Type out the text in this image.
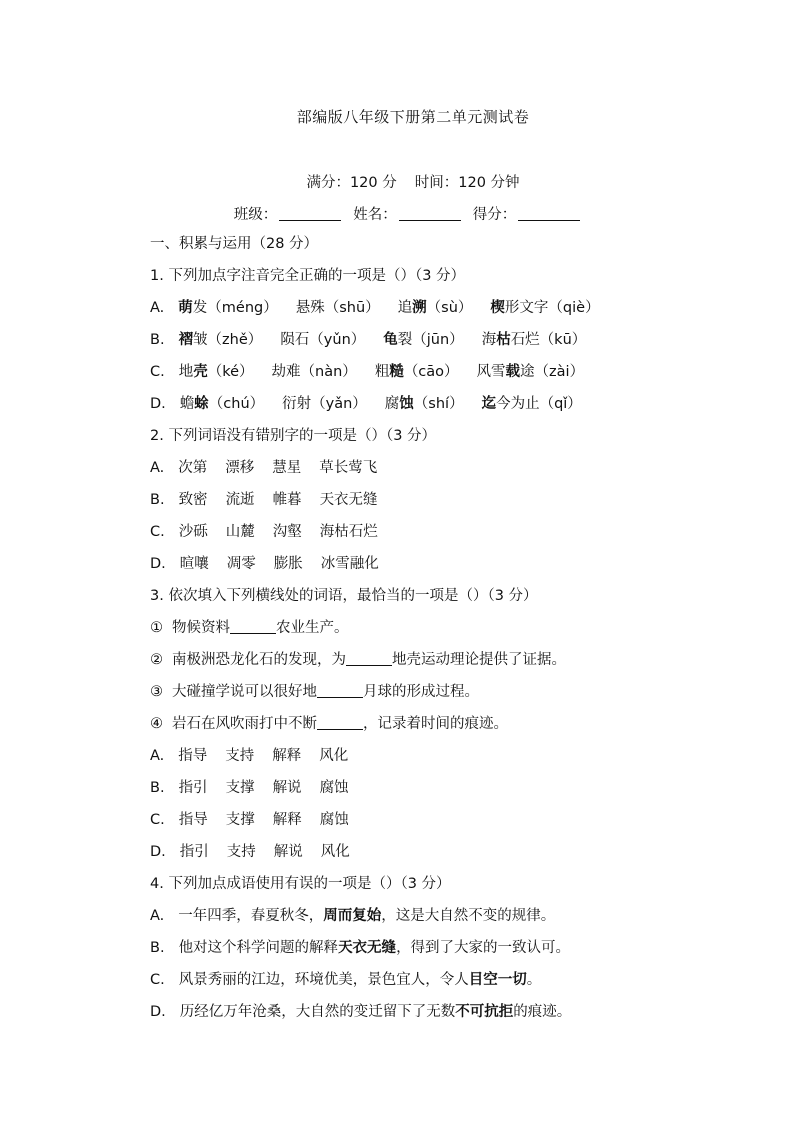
部编版八年级下册第二单元测试卷
满分：120 分 时间：120 分钟
班级：	姓名：	得分：
一、积累与运用（28 分）
1. 下列加点字注音完全正确的一项是（）（3 分）
A. 萌发（méng） 悬殊（shū） 追溯（sù） 楔形文字（qiè）
B. 褶皱（zhě） 陨石（yǔn） 龟裂（jūn） 海枯石烂（kū）
C. 地壳（ké） 劫难（nàn） 粗糙（cāo） 风雪载途（zài）
D. 蟾蜍（chú） 衍射（yǎn） 腐蚀（shí） 迄今为止（qǐ）
2. 下列词语没有错别字的一项是（）（3 分）
A. 次第 漂移 慧星 草长莺飞
B. 致密 流逝 帷暮 天衣无缝
C. 沙砾 山麓 沟壑 海枯石烂
D. 暄嚷 凋零 膨胀 冰雪融化
3. 依次填入下列横线处的词语，最恰当的一项是（）（3 分）
① 物候资料	农业生产。
② 南极洲恐龙化石的发现，为	地壳运动理论提供了证据。
③ 大碰撞学说可以很好地	月球的形成过程。
④ 岩石在风吹雨打中不断	，记录着时间的痕迹。
A. 指导 支持 解释 风化
B. 指引 支撑 解说 腐蚀
C. 指导 支撑 解释 腐蚀
D. 指引 支持 解说 风化
4. 下列加点成语使用有误的一项是（）（3 分）
A. 一年四季，春夏秋冬，周而复始，这是大自然不变的规律。
B. 他对这个科学问题的解释天衣无缝，得到了大家的一致认可。
C. 风景秀丽的江边，环境优美，景色宜人，令人目空一切。
D. 历经亿万年沧桑，大自然的变迁留下了无数不可抗拒的痕迹。
